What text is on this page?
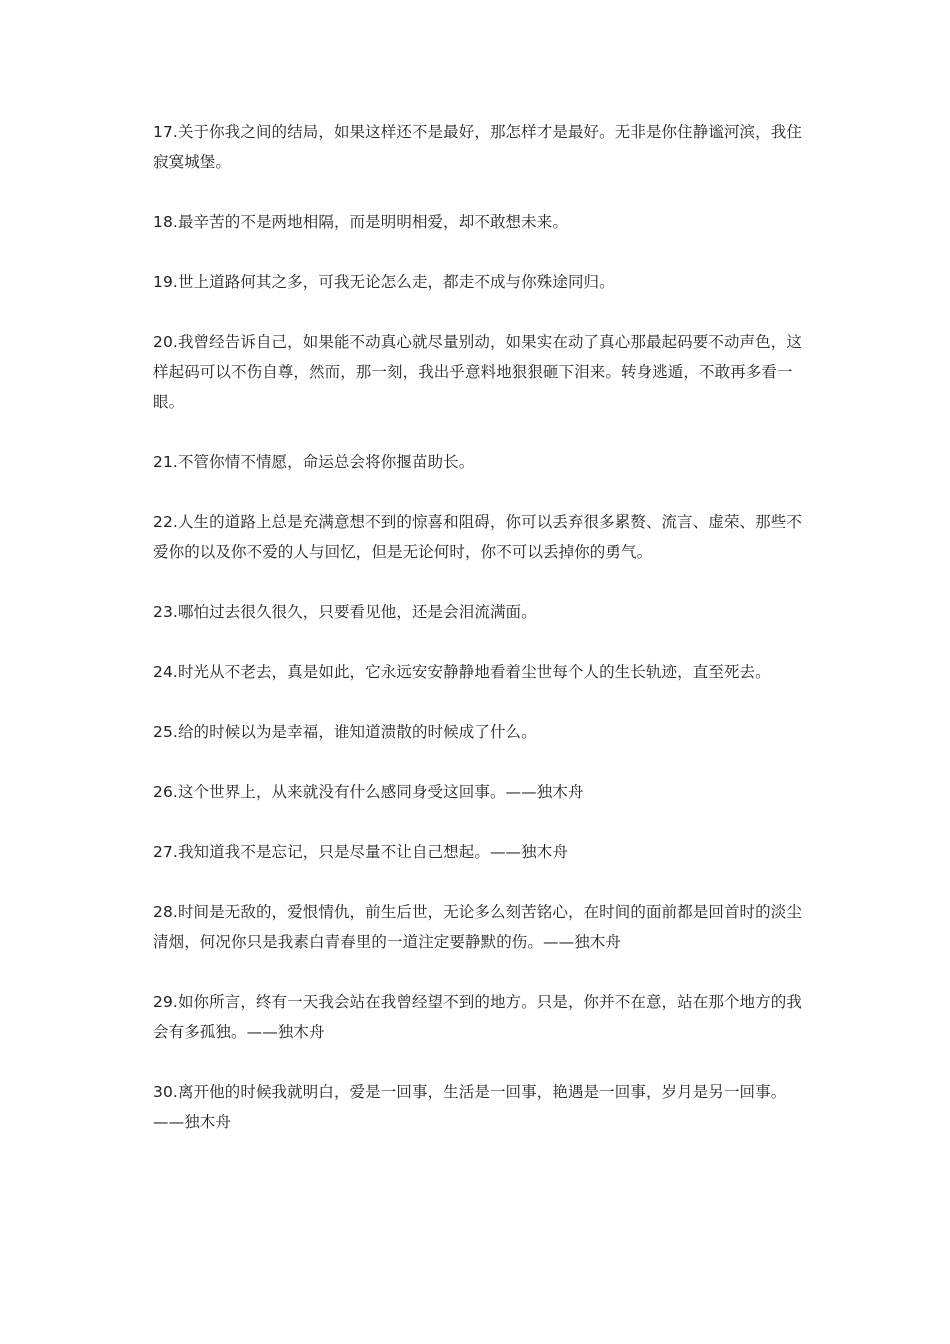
17.关于你我之间的结局，如果这样还不是最好，那怎样才是最好。无非是你住静谧河滨，我住寂寞城堡。

18.最辛苦的不是两地相隔，而是明明相爱，却不敢想未来。

19.世上道路何其之多，可我无论怎么走，都走不成与你殊途同归。

20.我曾经告诉自己，如果能不动真心就尽量别动，如果实在动了真心那最起码要不动声色，这样起码可以不伤自尊，然而，那一刻，我出乎意料地狠狠砸下泪来。转身逃遁，不敢再多看一眼。

21.不管你情不情愿，命运总会将你揠苗助长。

22.人生的道路上总是充满意想不到的惊喜和阻碍，你可以丢弃很多累赘、流言、虚荣、那些不爱你的以及你不爱的人与回忆，但是无论何时，你不可以丢掉你的勇气。

23.哪怕过去很久很久，只要看见他，还是会泪流满面。

24.时光从不老去，真是如此，它永远安安静静地看着尘世每个人的生长轨迹，直至死去。

25.给的时候以为是幸福，谁知道溃散的时候成了什么。

26.这个世界上，从来就没有什么感同身受这回事。——独木舟

27.我知道我不是忘记，只是尽量不让自己想起。——独木舟

28.时间是无敌的，爱恨情仇，前生后世，无论多么刻苦铭心，在时间的面前都是回首时的淡尘清烟，何况你只是我素白青春里的一道注定要静默的伤。——独木舟

29.如你所言，终有一天我会站在我曾经望不到的地方。只是，你并不在意，站在那个地方的我会有多孤独。——独木舟

30.离开他的时候我就明白，爱是一回事，生活是一回事，艳遇是一回事，岁月是另一回事。——独木舟
